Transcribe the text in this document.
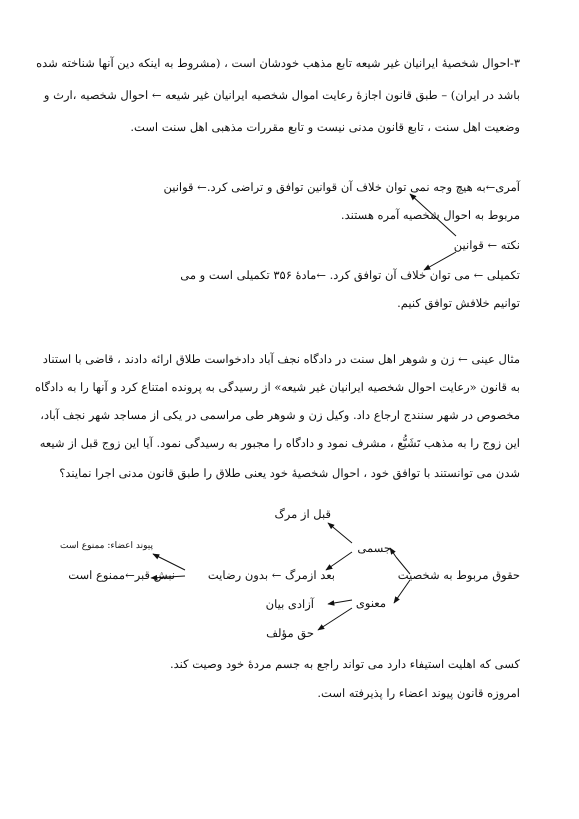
۳-احوال شخصیهٔ ایرانیان غیر شیعه تابع مذهب خودشان است ، (مشروط به اینکه دین آنها شناخته شده
باشد در ایران) – طبق قانون اجازهٔ رعایت اموال شخصیه ایرانیان غیر شیعه ← احوال شخصیه ،ارث و
وضعیت اهل سنت ، تابع قانون مدنی نیست و تابع مقررات مذهبی اهل سنت است.
آمری←به هیچ وجه نمی توان خلاف آن قوانین توافق و تراضی کرد.← قوانین
مربوط به احوال شخصیه آمره هستند.
نکته ← قوانین
تکمیلی ← می توان خلاف آن توافق کرد. ←مادهٔ ۳۵۶ تکمیلی است و می
توانیم خلافش توافق کنیم.
مثال عینی ← زن و شوهر اهل سنت در دادگاه نجف آباد دادخواست طلاق ارائه دادند ، قاضی با استناد
به قانون «رعایت احوال شخصیه ایرانیان غیر شیعه» از رسیدگی به پرونده امتناع کرد و آنها را به دادگاه
مخصوص در شهر سنندج ارجاع داد. وکیل زن و شوهر طی مراسمی در یکی از مساجد شهر نجف آباد،
این زوج را به مذهب تَشَیُّع ، مشرف نمود و دادگاه را مجبور به رسیدگی نمود. آیا این زوج قبل از شیعه
شدن می توانستند با توافق خود ، احوال شخصیهٔ خود یعنی طلاق را طبق قانون مدنی اجرا نمایند؟
حقوق مربوط به شخصیت
جسمی
قبل از مرگ
بعد ازمرگ ← بدون رضایت
پیوند اعضاء: ممنوع است
نبش قبر←ممنوع است
معنوی
آزادی بیان
حق مؤلف
کسی که اهلیت استیفاء دارد می تواند راجع به جسم مردهٔ خود وصیت کند.
امروزه قانون پیوند اعضاء را پذیرفته است.
